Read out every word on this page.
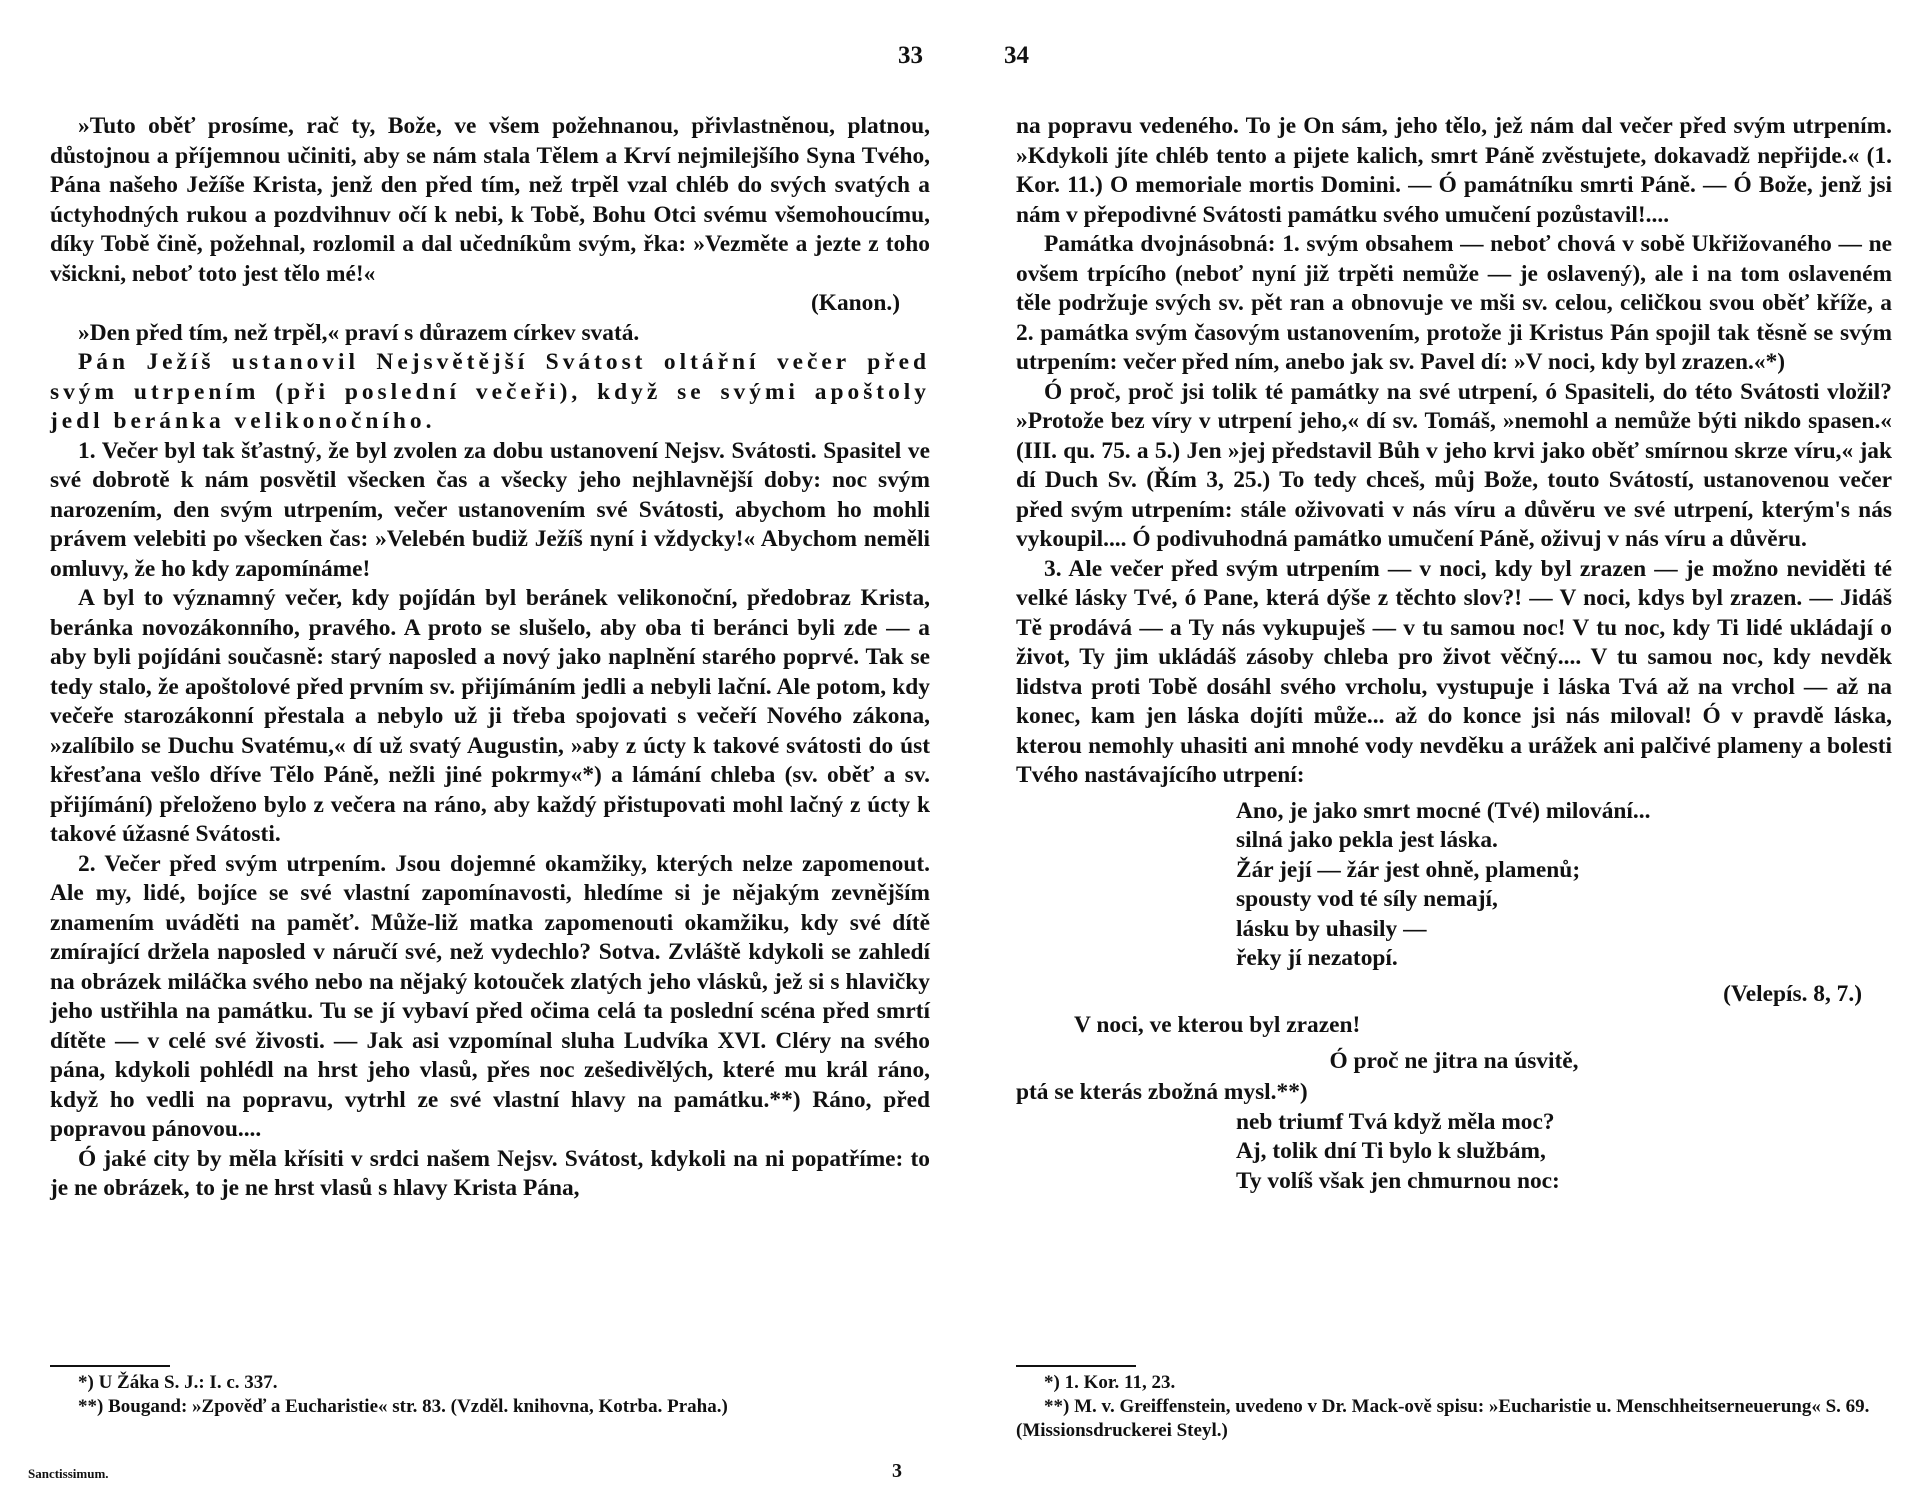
33

»Tuto oběť prosíme, rač ty, Bože, ve všem požehnanou, přivlastněnou, platnou, důstojnou a příjemnou učiniti, aby se nám stala Tělem a Krví nejmilejšího Syna Tvého, Pána našeho Ježíše Krista, jenž den před tím, než trpěl vzal chléb do svých svatých a úctyhodných rukou a pozdvihnuv očí k nebi, k Tobě, Bohu Otci svému všemohoucímu, díky Tobě čině, požehnal, rozlomil a dal učedníkům svým, řka: »Vezměte a jezte z toho všickni, neboť toto jest tělo mé!«

(Kanon.)

»Den před tím, než trpěl,« praví s důrazem církev svatá.

Pán Ježíš ustanovil Nejsvětější Svátost oltářní večer před svým utrpením (při poslední večeři), když se svými apoštoly jedl beránka velikonočního.

1. Večer byl tak šťastný, že byl zvolen za dobu ustanovení Nejsv. Svátosti. Spasitel ve své dobrotě k nám posvětil všecken čas a všecky jeho nejhlavnější doby: noc svým narozením, den svým utrpením, večer ustanovením své Svátosti, abychom ho mohli právem velebiti po všecken čas: »Velebén budiž Ježíš nyní i vždycky!« Abychom neměli omluvy, že ho kdy zapomínáme!

A byl to významný večer, kdy pojídán byl beránek velikonoční, předobraz Krista, beránka novozákonního, pravého. A proto se slušelo, aby oba ti beránci byli zde — a aby byli pojídáni současně: starý naposled a nový jako naplnění starého poprvé. Tak se tedy stalo, že apoštolové před prvním sv. přijímáním jedli a nebyli lační. Ale potom, kdy večeře starozákonní přestala a nebylo už ji třeba spojovati s večeří Nového zákona, »zalíbilo se Duchu Svatému,« dí už svatý Augustin, »aby z úcty k takové svátosti do úst křesťana vešlo dříve Tělo Páně, nežli jiné pokrmy«*) a lámání chleba (sv. oběť a sv. přijímání) přeloženo bylo z večera na ráno, aby každý přistupovati mohl lačný z úcty k takové úžasné Svátosti.

2. Večer před svým utrpením. Jsou dojemné okamžiky, kterých nelze zapomenout. Ale my, lidé, bojíce se své vlastní zapomínavosti, hledíme si je nějakým zevnějším znamením uváděti na paměť. Může-liž matka zapomenouti okamžiku, kdy své dítě zmírající držela naposled v náručí své, než vydechlo? Sotva. Zvláště kdykoli se zahledí na obrázek miláčka svého nebo na nějaký kotouček zlatých jeho vlásků, jež si s hlavičky jeho ustřihla na památku. Tu se jí vybaví před očima celá ta poslední scéna před smrtí dítěte — v celé své živosti. — Jak asi vzpomínal sluha Ludvíka XVI. Cléry na svého pána, kdykoli pohlédl na hrst jeho vlasů, přes noc zešedivělých, které mu král ráno, když ho vedli na popravu, vytrhl ze své vlastní hlavy na památku.**) Ráno, před popravou pánovou....

Ó jaké city by měla křísiti v srdci našem Nejsv. Svátost, kdykoli na ni popatříme: to je ne obrázek, to je ne hrst vlasů s hlavy Krista Pána,

*) U Žáka S. J.: I. c. 337.

**) Bougand: »Zpověď a Eucharistie« str. 83. (Vzděl. knihovna, Kotrba. Praha.)

Sanctissimum.	3
34

na popravu vedeného. To je On sám, jeho tělo, jež nám dal večer před svým utrpením. »Kdykoli jíte chléb tento a pijete kalich, smrt Páně zvěstujete, dokavadž nepřijde.« (1. Kor. 11.) O memoriale mortis Domini. — Ó památníku smrti Páně. — Ó Bože, jenž jsi nám v přepodivné Svátosti památku svého umučení pozůstavil!....

Památka dvojnásobná: 1. svým obsahem — neboť chová v sobě Ukřižovaného — ne ovšem trpícího (neboť nyní již trpěti nemůže — je oslavený), ale i na tom oslaveném těle podržuje svých sv. pět ran a obnovuje ve mši sv. celou, celičkou svou oběť kříže, a 2. památka svým časovým ustanovením, protože ji Kristus Pán spojil tak těsně se svým utrpením: večer před ním, anebo jak sv. Pavel dí: »V noci, kdy byl zrazen.«*)

Ó proč, proč jsi tolik té památky na své utrpení, ó Spasiteli, do této Svátosti vložil? »Protože bez víry v utrpení jeho,« dí sv. Tomáš, »nemohl a nemůže býti nikdo spasen.« (III. qu. 75. a 5.) Jen »jej představil Bůh v jeho krvi jako oběť smírnou skrze víru,« jak dí Duch Sv. (Řím 3, 25.) To tedy chceš, můj Bože, touto Svátostí, ustanovenou večer před svým utrpením: stále oživovati v nás víru a důvěru ve své utrpení, kterým's nás vykoupil.... Ó podivuhodná památko umučení Páně, oživuj v nás víru a důvěru.

3. Ale večer před svým utrpením — v noci, kdy byl zrazen — je možno neviděti té velké lásky Tvé, ó Pane, která dýše z těchto slov?! — V noci, kdys byl zrazen. — Jidáš Tě prodává — a Ty nás vykupuješ — v tu samou noc! V tu noc, kdy Ti lidé ukládají o život, Ty jim ukládáš zásoby chleba pro život věčný.... V tu samou noc, kdy nevděk lidstva proti Tobě dosáhl svého vrcholu, vystupuje i láska Tvá až na vrchol — až na konec, kam jen láska dojíti může... až do konce jsi nás miloval! Ó v pravdě láska, kterou nemohly uhasiti ani mnohé vody nevděku a urážek ani palčivé plameny a bolesti Tvého nastávajícího utrpení:

Ano, je jako smrt mocné (Tvé) milování...
silná jako pekla jest láska.
Žár její — žár jest ohně, plamenů;
spousty vod té síly nemají,
lásku by uhasily —
řeky jí nezatopí.

(Velepís. 8, 7.)

V noci, ve kterou byl zrazen!

Ó proč ne jitra na úsvitě,

ptá se kterás zbožná mysl.**)

neb triumf Tvá když měla moc?
Aj, tolik dní Ti bylo k službám,
Ty volíš však jen chmurnou noc:

*) 1. Kor. 11, 23.

**) M. v. Greiffenstein, uvedeno v Dr. Mack-ově spisu: »Eucharistie u. Menschheitserneuerung« S. 69. (Missionsdruckerei Steyl.)
